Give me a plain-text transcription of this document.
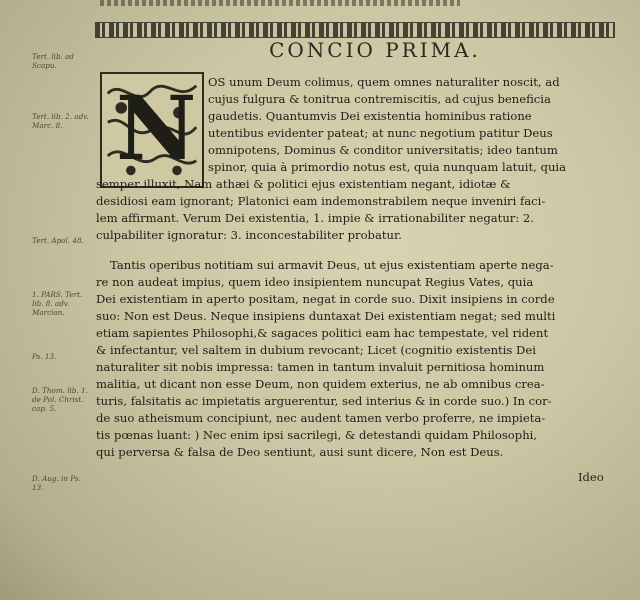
CONCIO PRIMA.
Tert. lib. ad Scapu.
Tert. lib. 2. adv. Marc. 8.
Tert. Apol. 48.
1. PARS. Tert. lib. 8. adv. Marcion.
Ps. 13.
D. Thom. lib. 1. de Pol. Christ. cap. 5.
D. Aug. in Ps. 13.
N OS unum Deum colimus, quem omnes naturaliter noscit, ad
cujus fulgura & tonitrua contremiscitis, ad cujus beneficia
gaudetis. Quantumvis Dei existentia hominibus ratione
utentibus evidenter pateat; at nunc negotium patitur Deus
omnipotens, Dominus & conditor universitatis; ideo tantum
spinor, quia à primordio notus est, quia nunquam latuit, quia
semper illuxit, Nam athæi & politici ejus existentiam negant, idiotæ &
desidiosi eam ignorant; Platonici eam indemonstrabilem neque inveniri faci-
lem affirmant. Verum Dei existentia, 1. impie & irrationabiliter negatur: 2.
culpabiliter ignoratur: 3. inconcestabiliter probatur.
Tantis operibus notitiam sui armavit Deus, ut ejus existentiam aperte nega-
re non audeat impius, quem ideo insipientem nuncupat Regius Vates, quia
Dei existentiam in aperto positam, negat in corde suo. Dixit insipiens in corde
suo: Non est Deus. Neque insipiens duntaxat Dei existentiam negat; sed multi
etiam sapientes Philosophi,& sagaces politici eam hac tempestate, vel rident
& infectantur, vel saltem in dubium revocant; Licet (cognitio existentis Dei
naturaliter sit nobis impressa: tamen in tantum invaluit pernitiosa hominum
malitia, ut dicant non esse Deum, non quidem exterius, ne ab omnibus crea-
turis, falsitatis ac impietatis arguerentur, sed interius & in corde suo.) In cor-
de suo atheismum concipiunt, nec audent tamen verbo proferre, ne impieta-
tis pœnas luant: ) Nec enim ipsi sacrilegi, & detestandi quidam Philosophi,
qui perversa & falsa de Deo sentiunt, ausi sunt dicere, Non est Deus.
Ideo
